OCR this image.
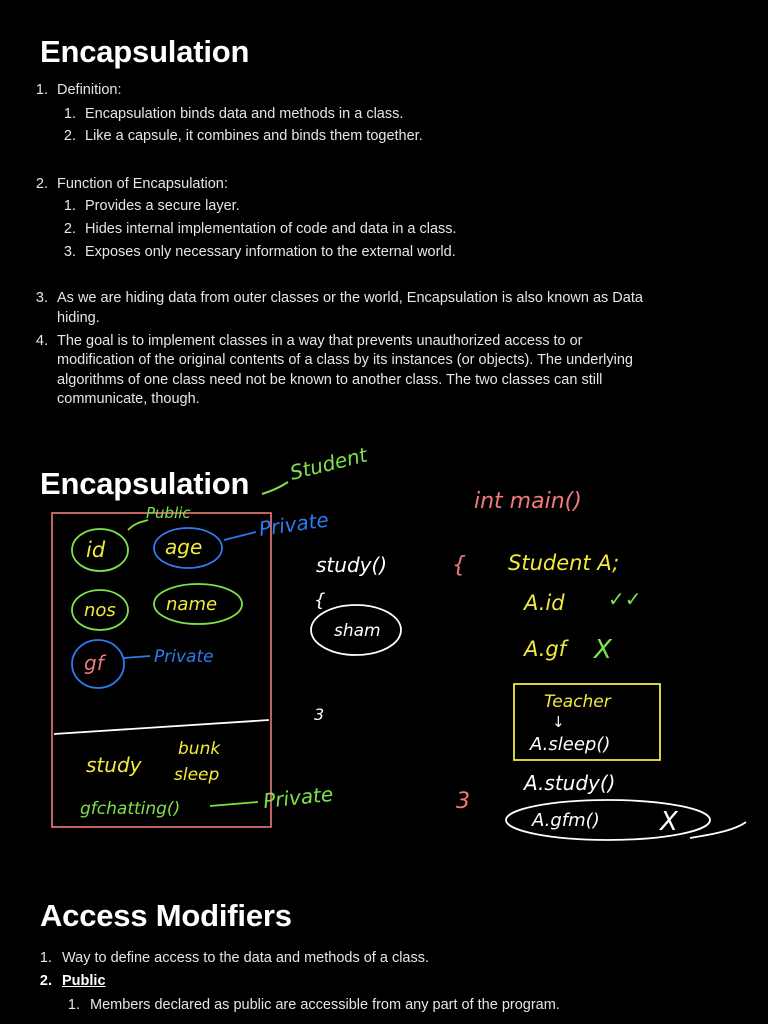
Encapsulation
1. Definition:
1. Encapsulation binds data and methods in a class.
2. Like a capsule, it combines and binds them together.
2. Function of Encapsulation:
1. Provides a secure layer.
2. Hides internal implementation of code and data in a class.
3. Exposes only necessary information to the external world.
3. As we are hiding data from outer classes or the world, Encapsulation is also known as Data
hiding.
4. The goal is to implement classes in a way that prevents unauthorized access to or
modification of the original contents of a class by its instances (or objects). The underlying
algorithms of one class need not be known to another class. The two classes can still
communicate, though.
Encapsulation Student
Public
id	age
Private
nos	name
gf	Private
study
bunk
sleep
gfchatting()	Private
study()
{
sham
3
int main()
{ Student A;
A.id ✓✓
A.gf X
Teacher
↓
A.sleep()
A.study()
3
A.gfm() X
Access Modifiers
1. Way to define access to the data and methods of a class.
2. Public
1. Members declared as public are accessible from any part of the program.
